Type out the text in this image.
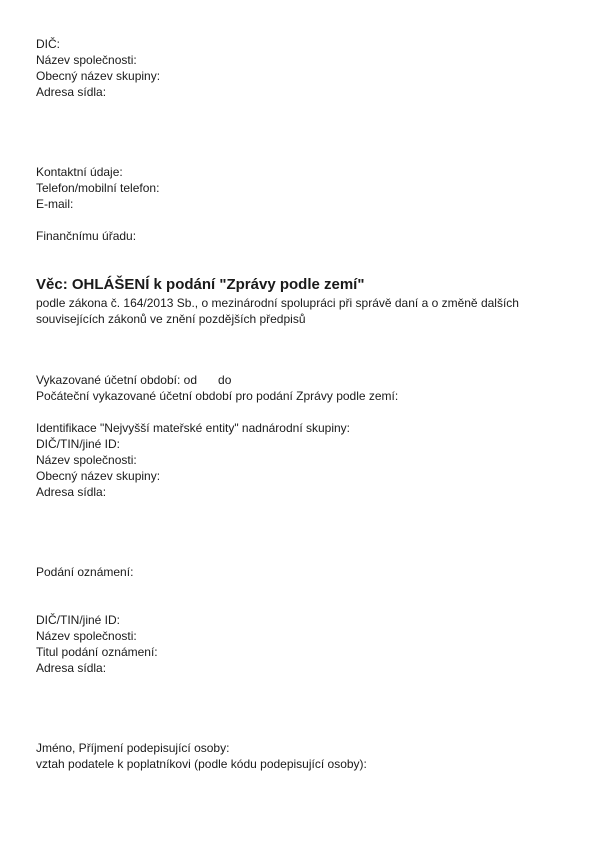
DIČ:
Název společnosti:
Obecný název skupiny:
Adresa sídla:
Kontaktní údaje:
Telefon/mobilní telefon:
E-mail:
Finančnímu úřadu:
Věc: OHLÁŠENÍ k podání "Zprávy podle zemí"
podle zákona č. 164/2013 Sb., o mezinárodní spolupráci při správě daní a o změně dalších
souvisejících zákonů ve znění pozdějších předpisů
Vykazované účetní období: od do
Počáteční vykazované účetní období pro podání Zprávy podle zemí:
Identifikace "Nejvyšší mateřské entity" nadnárodní skupiny:
DIČ/TIN/jiné ID:
Název společnosti:
Obecný název skupiny:
Adresa sídla:
Podání oznámení:
DIČ/TIN/jiné ID:
Název společnosti:
Titul podání oznámení:
Adresa sídla:
Jméno, Příjmení podepisující osoby:
vztah podatele k poplatníkovi (podle kódu podepisující osoby):
